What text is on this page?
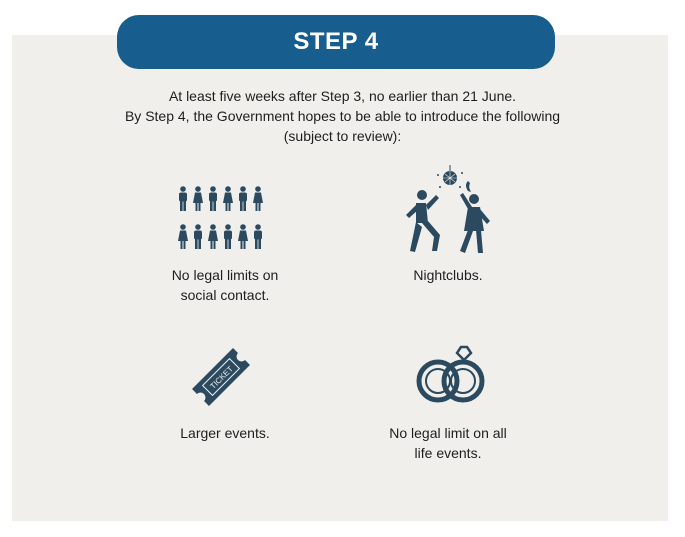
STEP 4

At least five weeks after Step 3, no earlier than 21 June.

By Step 4, the Government hopes to be able to introduce the following

(subject to review):

No legal limits on
social contact.
Nightclubs.
TICKET
Larger events.	No legal limit on all
life events.
